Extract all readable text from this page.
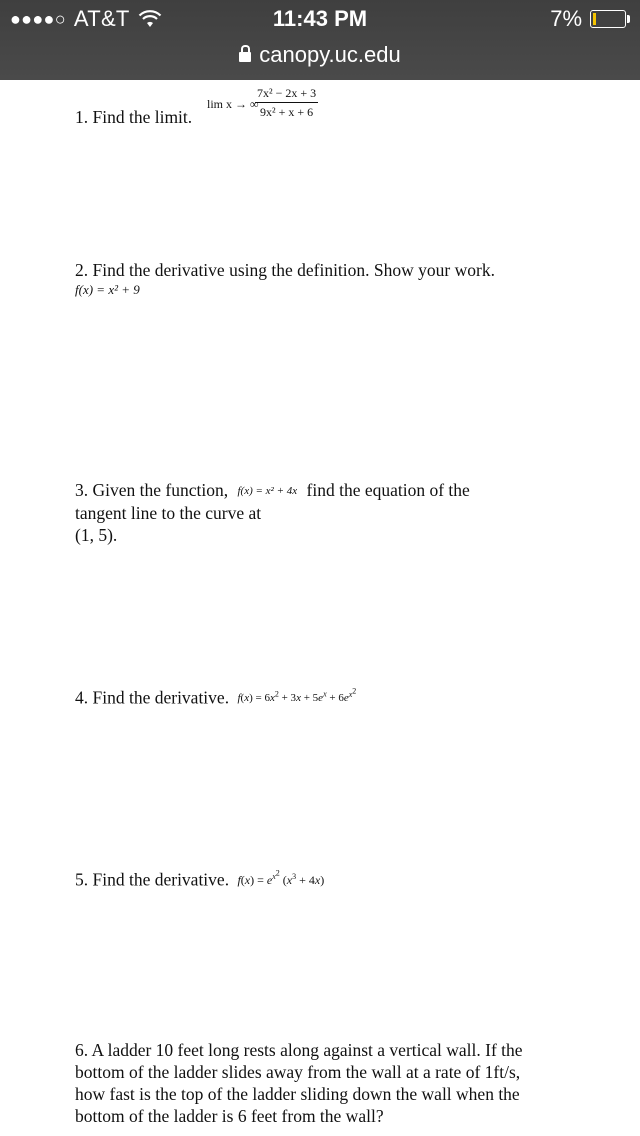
●●●●○ AT&T	11:43 PM	7%
canopy.uc.edu
1. Find the limit.
lim x → ∞
$\frac{\text{7x² − 2x + 3}}{\text{9x² + x + 6}}$
2. Find the derivative using the definition. Show your work.
f(x) = x² + 9
3. Given the function, f(x) = x² + 4x find the equation of the
tangent line to the curve at
(1, 5).
4. Find the derivative. $f(x) = 6x^2 + 3x + 5e^x + 6e^{x^2}$
5. Find the derivative. $f(x) = e^{x^2}$ $(x^3 + 4x)$
6. A ladder 10 feet long rests along against a vertical wall. If the
bottom of the ladder slides away from the wall at a rate of 1ft/s,
how fast is the top of the ladder sliding down the wall when the
bottom of the ladder is 6 feet from the wall?
